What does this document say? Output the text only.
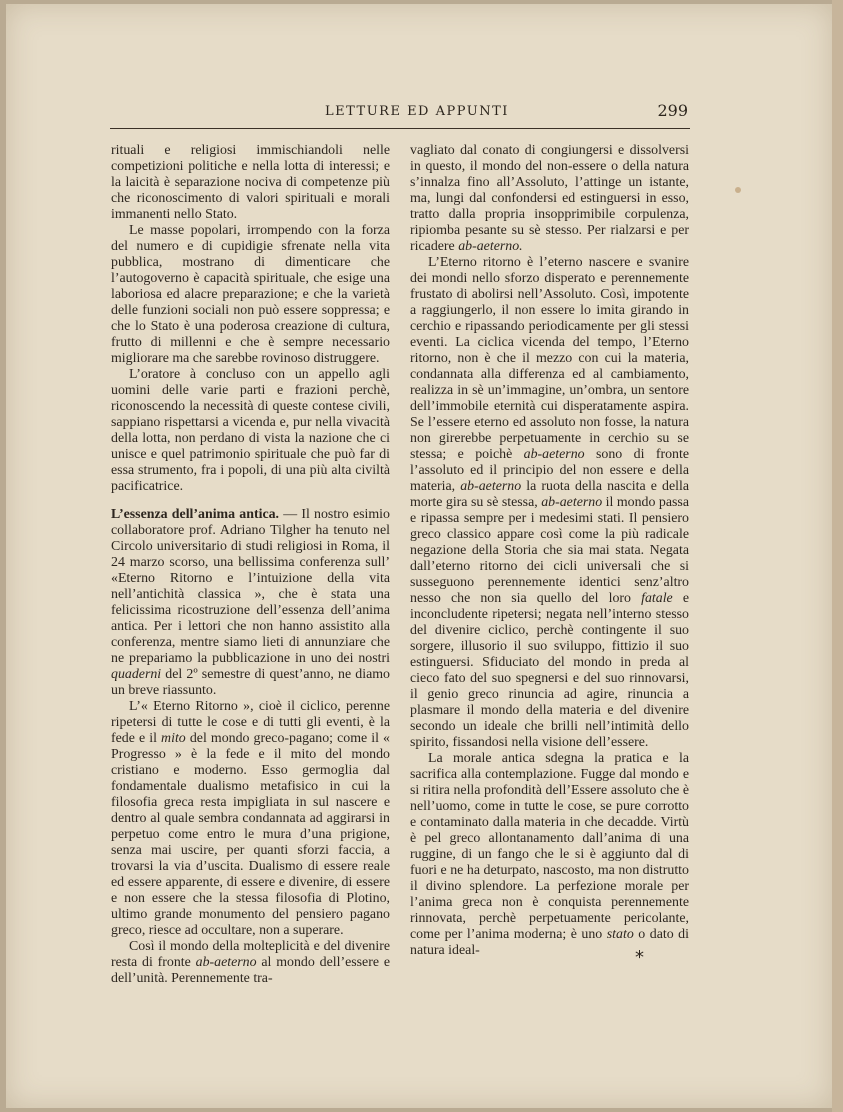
LETTURE ED APPUNTI	299

rituali e religiosi immischiandoli nelle competizioni politiche e nella lotta di interessi; e la laicità è separazione nociva di competenze più che riconoscimento di valori spirituali e morali immanenti nello Stato.

Le masse popolari, irrompendo con la forza del numero e di cupidigie sfrenate nella vita pubblica, mostrano di dimenticare che l’autogoverno è capacità spirituale, che esige una laboriosa ed alacre preparazione; e che la varietà delle funzioni sociali non può essere soppressa; e che lo Stato è una poderosa creazione di cultura, frutto di millenni e che è sempre necessario migliorare ma che sarebbe rovinoso distruggere.

L’oratore à concluso con un appello agli uomini delle varie parti e frazioni perchè, riconoscendo la necessità di queste contese civili, sappiano rispettarsi a vicenda e, pur nella vivacità della lotta, non perdano di vista la nazione che ci unisce e quel patrimonio spirituale che può far di essa strumento, fra i popoli, di una più alta civiltà pacificatrice.

L’essenza dell’anima antica. — Il nostro esimio collaboratore prof. Adriano Tilgher ha tenuto nel Circolo universitario di studi religiosi in Roma, il 24 marzo scorso, una bellissima conferenza sull’ «Eterno Ritorno e l’intuizione della vita nell’antichità classica », che è stata una felicissima ricostruzione dell’essenza dell’anima antica. Per i lettori che non hanno assistito alla conferenza, mentre siamo lieti di annunziare che ne prepariamo la pubblicazione in uno dei nostri quaderni del 2º semestre di quest’anno, ne diamo un breve riassunto.

L’« Eterno Ritorno », cioè il ciclico, perenne ripetersi di tutte le cose e di tutti gli eventi, è la fede e il mito del mondo greco-pagano; come il « Progresso » è la fede e il mito del mondo cristiano e moderno. Esso germoglia dal fondamentale dualismo metafisico in cui la filosofia greca resta impigliata in sul nascere e dentro al quale sembra condannata ad aggirarsi in perpetuo come entro le mura d’una prigione, senza mai uscire, per quanti sforzi faccia, a trovarsi la via d’uscita. Dualismo di essere reale ed essere apparente, di essere e divenire, di essere e non essere che la stessa filosofia di Plotino, ultimo grande monumento del pensiero pagano greco, riesce ad occultare, non a superare.

Così il mondo della molteplicità e del divenire resta di fronte ab-aeterno al mondo dell’essere e dell’unità. Perennemente tra-

vagliato dal conato di congiungersi e dissolversi in questo, il mondo del non-essere o della natura s’innalza fino all’Assoluto, l’attinge un istante, ma, lungi dal confondersi ed estinguersi in esso, tratto dalla propria insopprimibile corpulenza, ripiomba pesante su sè stesso. Per rialzarsi e per ricadere ab-aeterno.

L’Eterno ritorno è l’eterno nascere e svanire dei mondi nello sforzo disperato e perennemente frustato di abolirsi nell’Assoluto. Così, impotente a raggiungerlo, il non essere lo imita girando in cerchio e ripassando periodicamente per gli stessi eventi. La ciclica vicenda del tempo, l’Eterno ritorno, non è che il mezzo con cui la materia, condannata alla differenza ed al cambiamento, realizza in sè un’immagine, un’ombra, un sentore dell’immobile eternità cui disperatamente aspira. Se l’essere eterno ed assoluto non fosse, la natura non girerebbe perpetuamente in cerchio su se stessa; e poichè ab-aeterno sono di fronte l’assoluto ed il principio del non essere e della materia, ab-aeterno la ruota della nascita e della morte gira su sè stessa, ab-aeterno il mondo passa e ripassa sempre per i medesimi stati. Il pensiero greco classico appare così come la più radicale negazione della Storia che sia mai stata. Negata dall’eterno ritorno dei cicli universali che si susseguono perennemente identici senz’altro nesso che non sia quello del loro fatale e inconcludente ripetersi; negata nell’interno stesso del divenire ciclico, perchè contingente il suo sorgere, illusorio il suo sviluppo, fittizio il suo estinguersi. Sfiduciato del mondo in preda al cieco fato del suo spegnersi e del suo rinnovarsi, il genio greco rinuncia ad agire, rinuncia a plasmare il mondo della materia e del divenire secondo un ideale che brilli nell’intimità dello spirito, fissandosi nella visione dell’essere.

La morale antica sdegna la pratica e la sacrifica alla contemplazione. Fugge dal mondo e si ritira nella profondità dell’Essere assoluto che è nell’uomo, come in tutte le cose, se pure corrotto e contaminato dalla materia in che decadde. Virtù è pel greco allontanamento dall’anima di una ruggine, di un fango che le si è aggiunto dal di fuori e ne ha deturpato, nascosto, ma non distrutto il divino splendore. La perfezione morale per l’anima greca non è conquista perennemente rinnovata, perchè perpetuamente pericolante, come per l’anima moderna; è uno stato o dato di natura ideal-	*
